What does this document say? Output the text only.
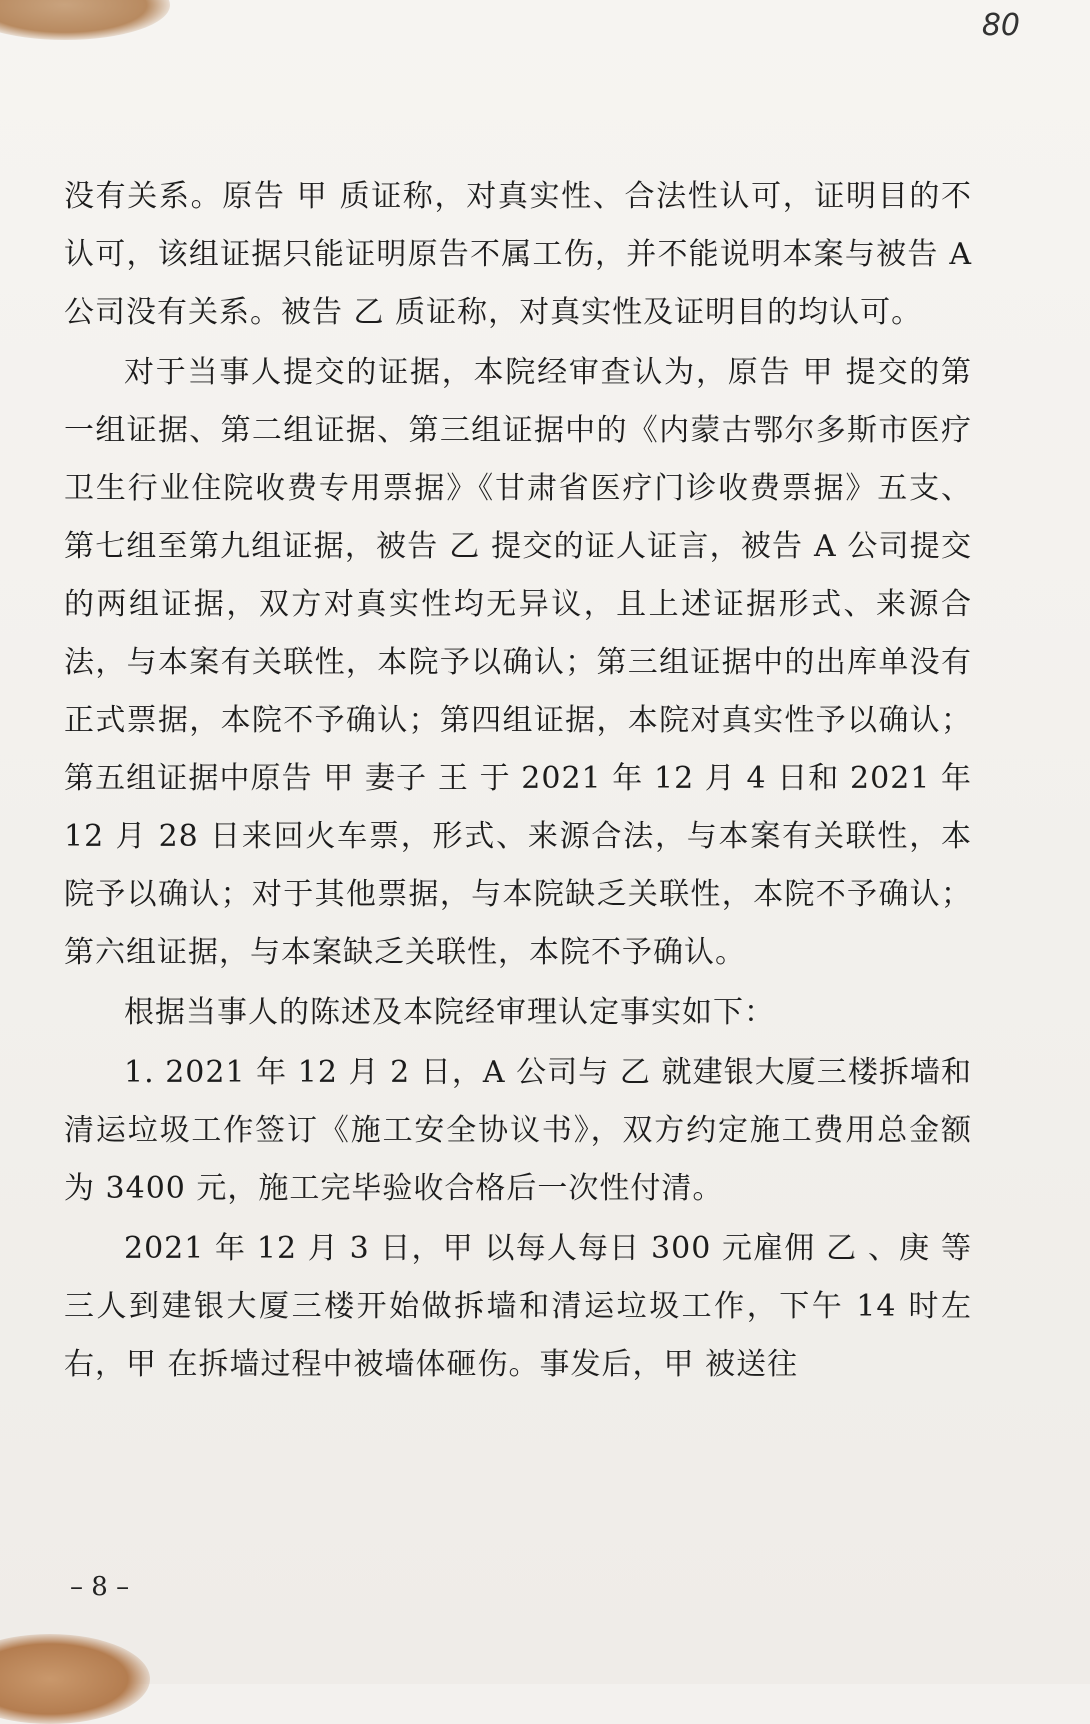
80

没有关系。原告 甲 质证称，对真实性、合法性认可，证明目的不认可，该组证据只能证明原告不属工伤，并不能说明本案与被告 A 公司没有关系。被告 乙 质证称，对真实性及证明目的均认可。

对于当事人提交的证据，本院经审查认为，原告 甲 提交的第一组证据、第二组证据、第三组证据中的《内蒙古鄂尔多斯市医疗卫生行业住院收费专用票据》《甘肃省医疗门诊收费票据》五支、第七组至第九组证据，被告 乙 提交的证人证言，被告 A 公司提交的两组证据，双方对真实性均无异议，且上述证据形式、来源合法，与本案有关联性，本院予以确认；第三组证据中的出库单没有正式票据，本院不予确认；第四组证据，本院对真实性予以确认；第五组证据中原告 甲 妻子 王 于 2021 年 12 月 4 日和 2021 年 12 月 28 日来回火车票，形式、来源合法，与本案有关联性，本院予以确认；对于其他票据，与本院缺乏关联性，本院不予确认；第六组证据，与本案缺乏关联性，本院不予确认。

根据当事人的陈述及本院经审理认定事实如下：

1. 2021 年 12 月 2 日，A 公司与 乙 就建银大厦三楼拆墙和清运垃圾工作签订《施工安全协议书》，双方约定施工费用总金额为 3400 元，施工完毕验收合格后一次性付清。

2021 年 12 月 3 日，甲 以每人每日 300 元雇佣 乙 、庚 等三人到建银大厦三楼开始做拆墙和清运垃圾工作，下午 14 时左右，甲 在拆墙过程中被墙体砸伤。事发后，甲 被送往

– 8 –
